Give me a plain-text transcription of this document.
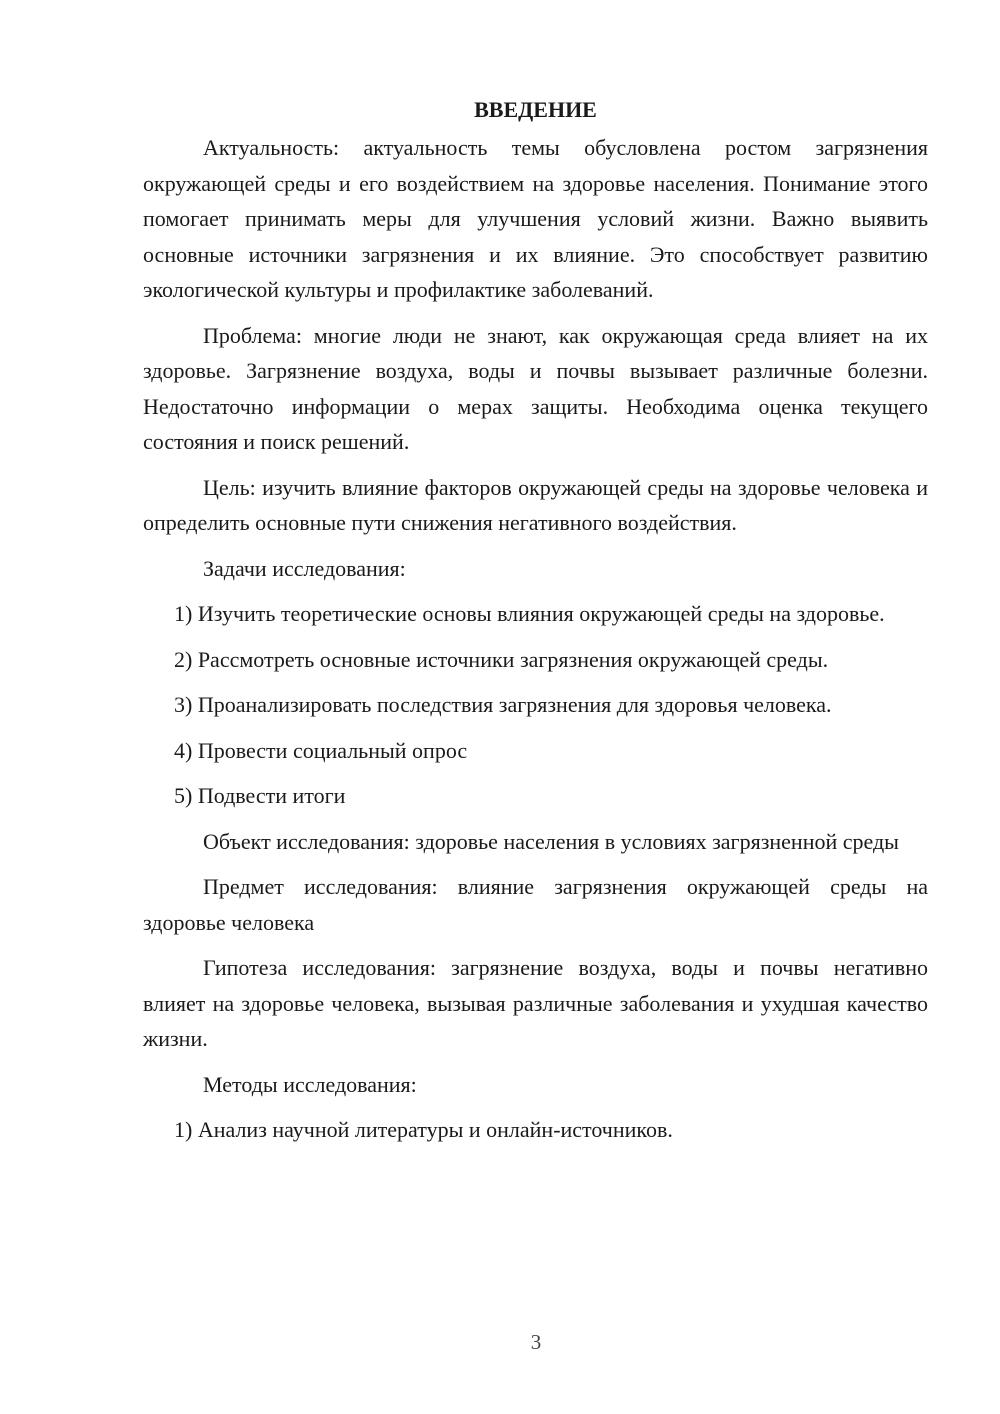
ВВЕДЕНИЕ

Актуальность: актуальность темы обусловлена ростом загрязнения окружающей среды и его воздействием на здоровье населения. Понимание этого помогает принимать меры для улучшения условий жизни. Важно выявить основные источники загрязнения и их влияние. Это способствует развитию экологической культуры и профилактике заболеваний.

Проблема: многие люди не знают, как окружающая среда влияет на их здоровье. Загрязнение воздуха, воды и почвы вызывает различные болезни. Недостаточно информации о мерах защиты. Необходима оценка текущего состояния и поиск решений.

Цель: изучить влияние факторов окружающей среды на здоровье человека и определить основные пути снижения негативного воздействия.

Задачи исследования:

1) Изучить теоретические основы влияния окружающей среды на здоровье.

2) Рассмотреть основные источники загрязнения окружающей среды.

3) Проанализировать последствия загрязнения для здоровья человека.

4) Провести социальный опрос

5) Подвести итоги

Объект исследования: здоровье населения в условиях загрязненной среды

Предмет исследования: влияние загрязнения окружающей среды на здоровье человека

Гипотеза исследования: загрязнение воздуха, воды и почвы негативно влияет на здоровье человека, вызывая различные заболевания и ухудшая качество жизни.

Методы исследования:

1) Анализ научной литературы и онлайн-источников.

3
